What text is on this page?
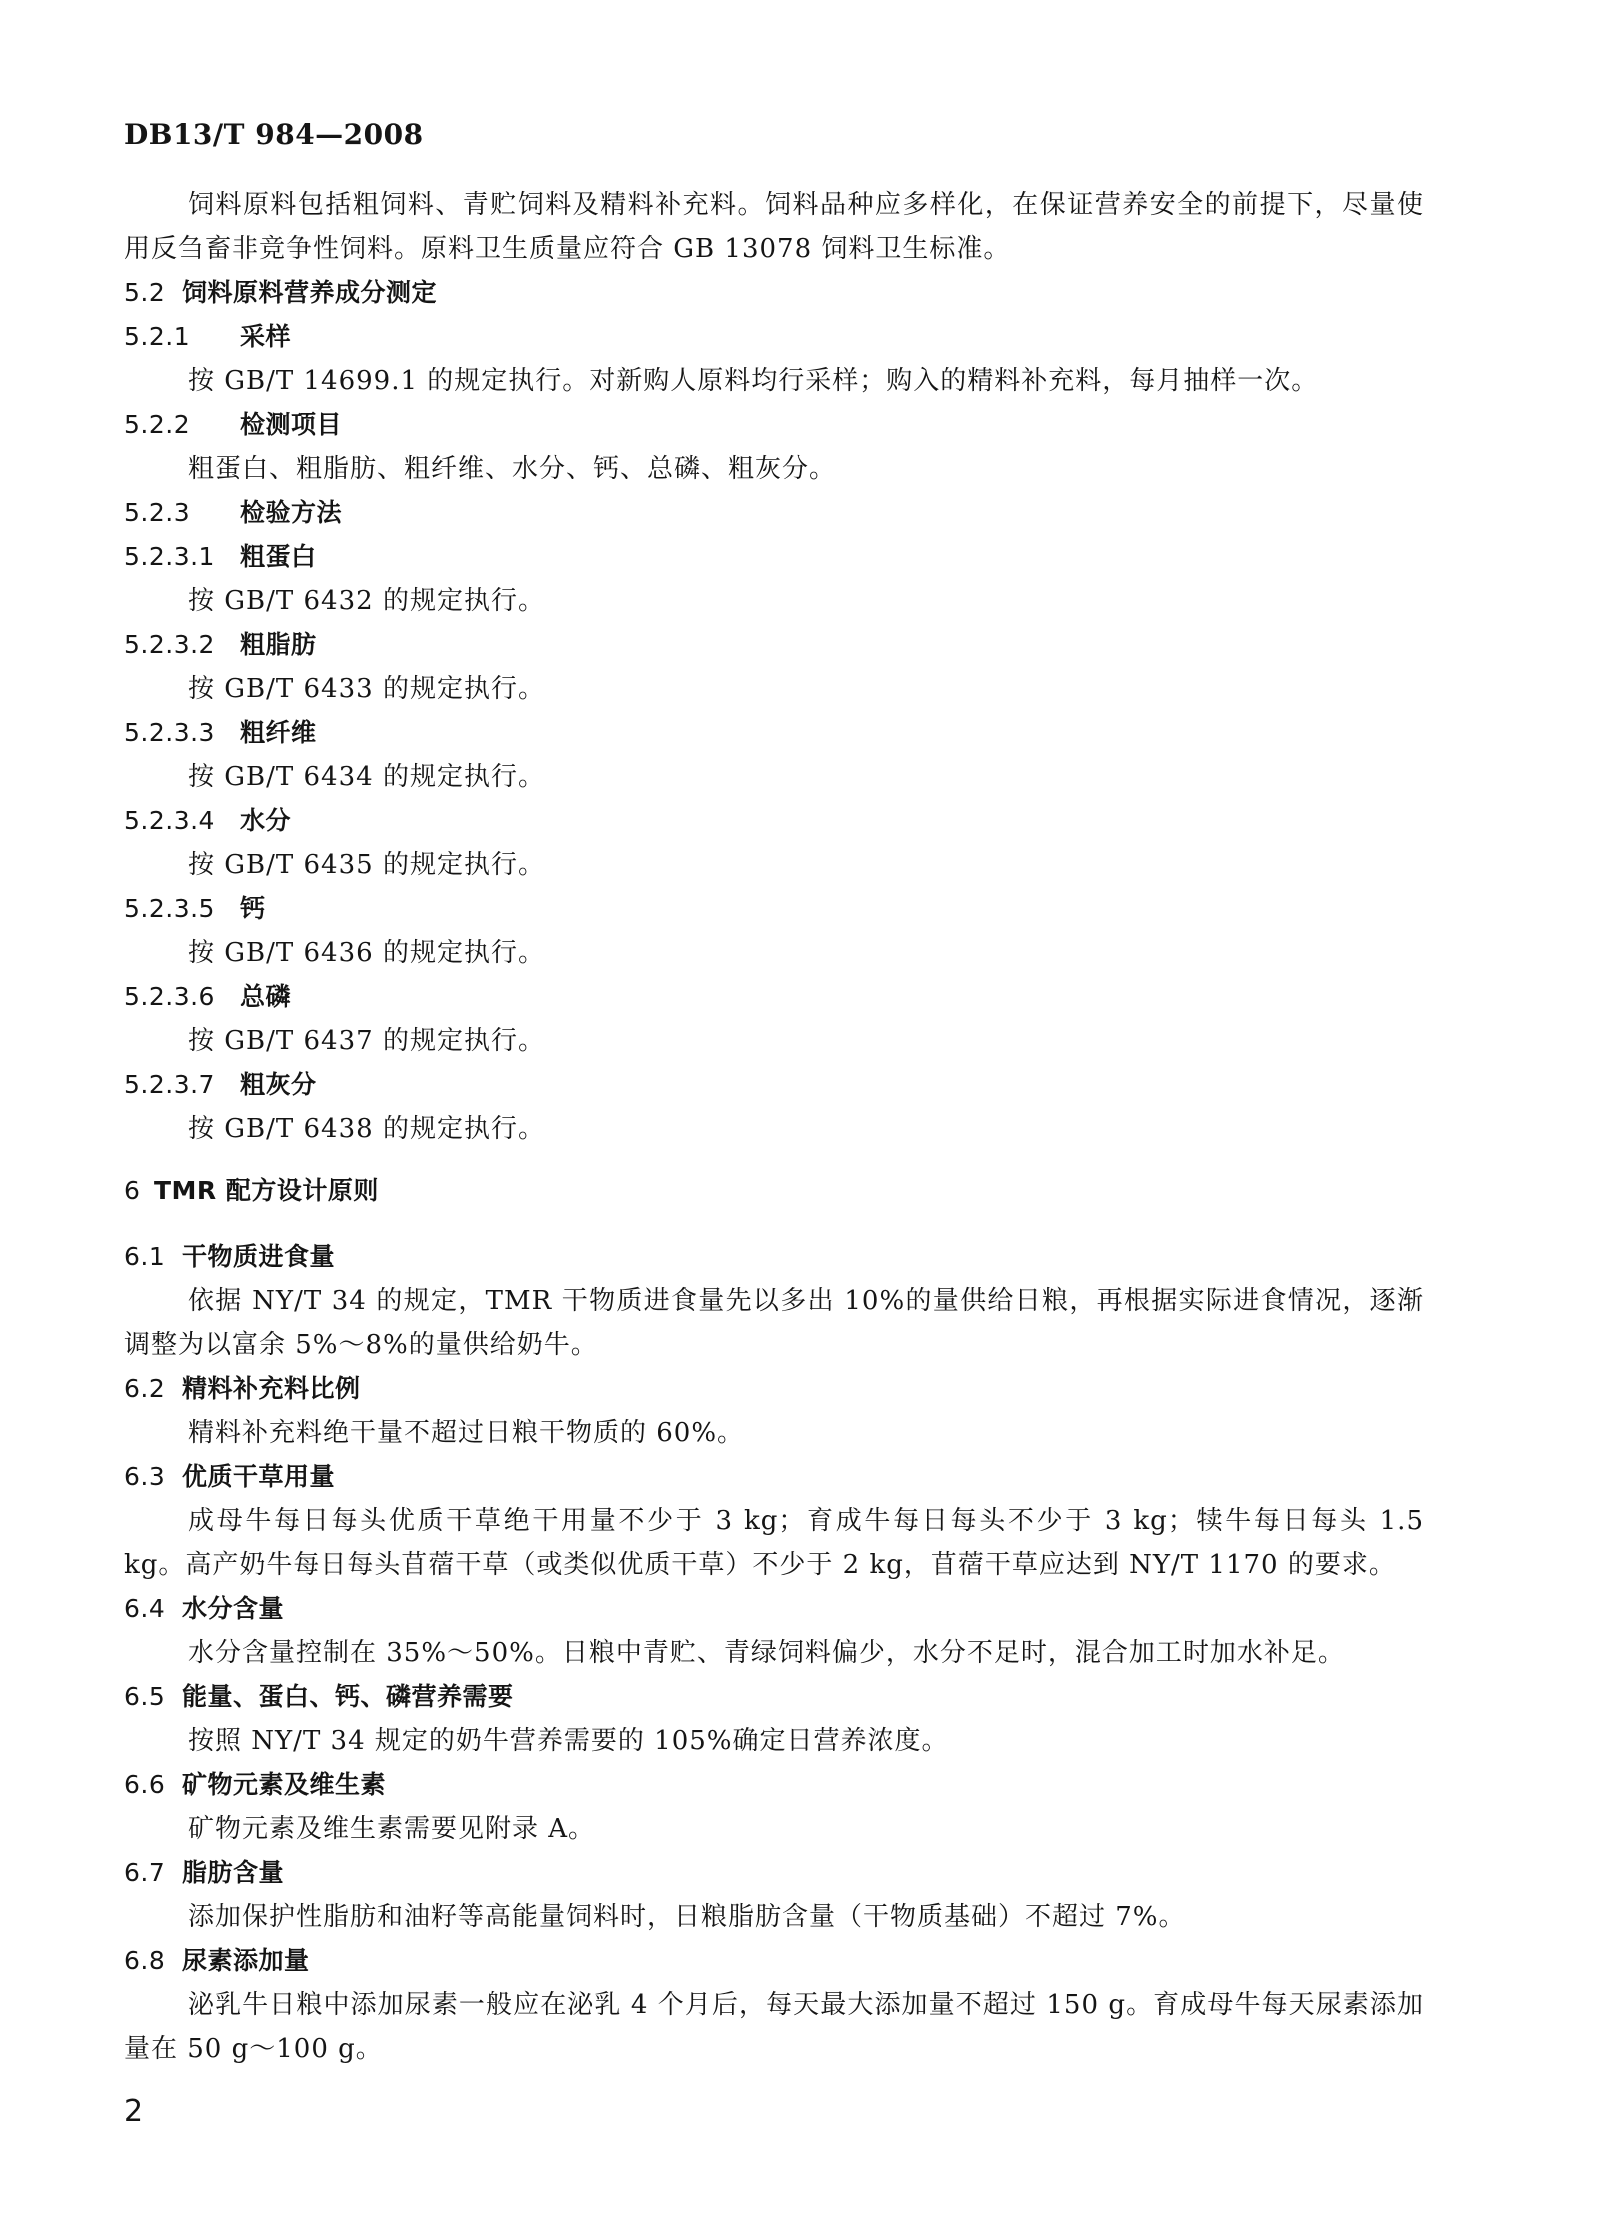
DB13/T 984—2008

饲料原料包括粗饲料、青贮饲料及精料补充料。饲料品种应多样化，在保证营养安全的前提下，尽量使用反刍畜非竞争性饲料。原料卫生质量应符合 GB 13078 饲料卫生标准。

5.2 饲料原料营养成分测定
5.2.1 采样

按 GB/T 14699.1 的规定执行。对新购人原料均行采样；购入的精料补充料，每月抽样一次。

5.2.2 检测项目

粗蛋白、粗脂肪、粗纤维、水分、钙、总磷、粗灰分。

5.2.3 检验方法
5.2.3.1 粗蛋白

按 GB/T 6432 的规定执行。

5.2.3.2 粗脂肪

按 GB/T 6433 的规定执行。

5.2.3.3 粗纤维

按 GB/T 6434 的规定执行。

5.2.3.4 水分

按 GB/T 6435 的规定执行。

5.2.3.5 钙

按 GB/T 6436 的规定执行。

5.2.3.6 总磷

按 GB/T 6437 的规定执行。

5.2.3.7 粗灰分

按 GB/T 6438 的规定执行。

6 TMR 配方设计原则
6.1 干物质进食量

依据 NY/T 34 的规定，TMR 干物质进食量先以多出 10%的量供给日粮，再根据实际进食情况，逐渐调整为以富余 5%～8%的量供给奶牛。

6.2 精料补充料比例

精料补充料绝干量不超过日粮干物质的 60%。

6.3 优质干草用量

成母牛每日每头优质干草绝干用量不少于 3 kg；育成牛每日每头不少于 3 kg；犊牛每日每头 1.5 kg。高产奶牛每日每头苜蓿干草（或类似优质干草）不少于 2 kg，苜蓿干草应达到 NY/T 1170 的要求。

6.4 水分含量

水分含量控制在 35%～50%。日粮中青贮、青绿饲料偏少，水分不足时，混合加工时加水补足。

6.5 能量、蛋白、钙、磷营养需要

按照 NY/T 34 规定的奶牛营养需要的 105%确定日营养浓度。

6.6 矿物元素及维生素

矿物元素及维生素需要见附录 A。

6.7 脂肪含量

添加保护性脂肪和油籽等高能量饲料时，日粮脂肪含量（干物质基础）不超过 7%。

6.8 尿素添加量

泌乳牛日粮中添加尿素一般应在泌乳 4 个月后，每天最大添加量不超过 150 g。育成母牛每天尿素添加量在 50 g～100 g。

2
